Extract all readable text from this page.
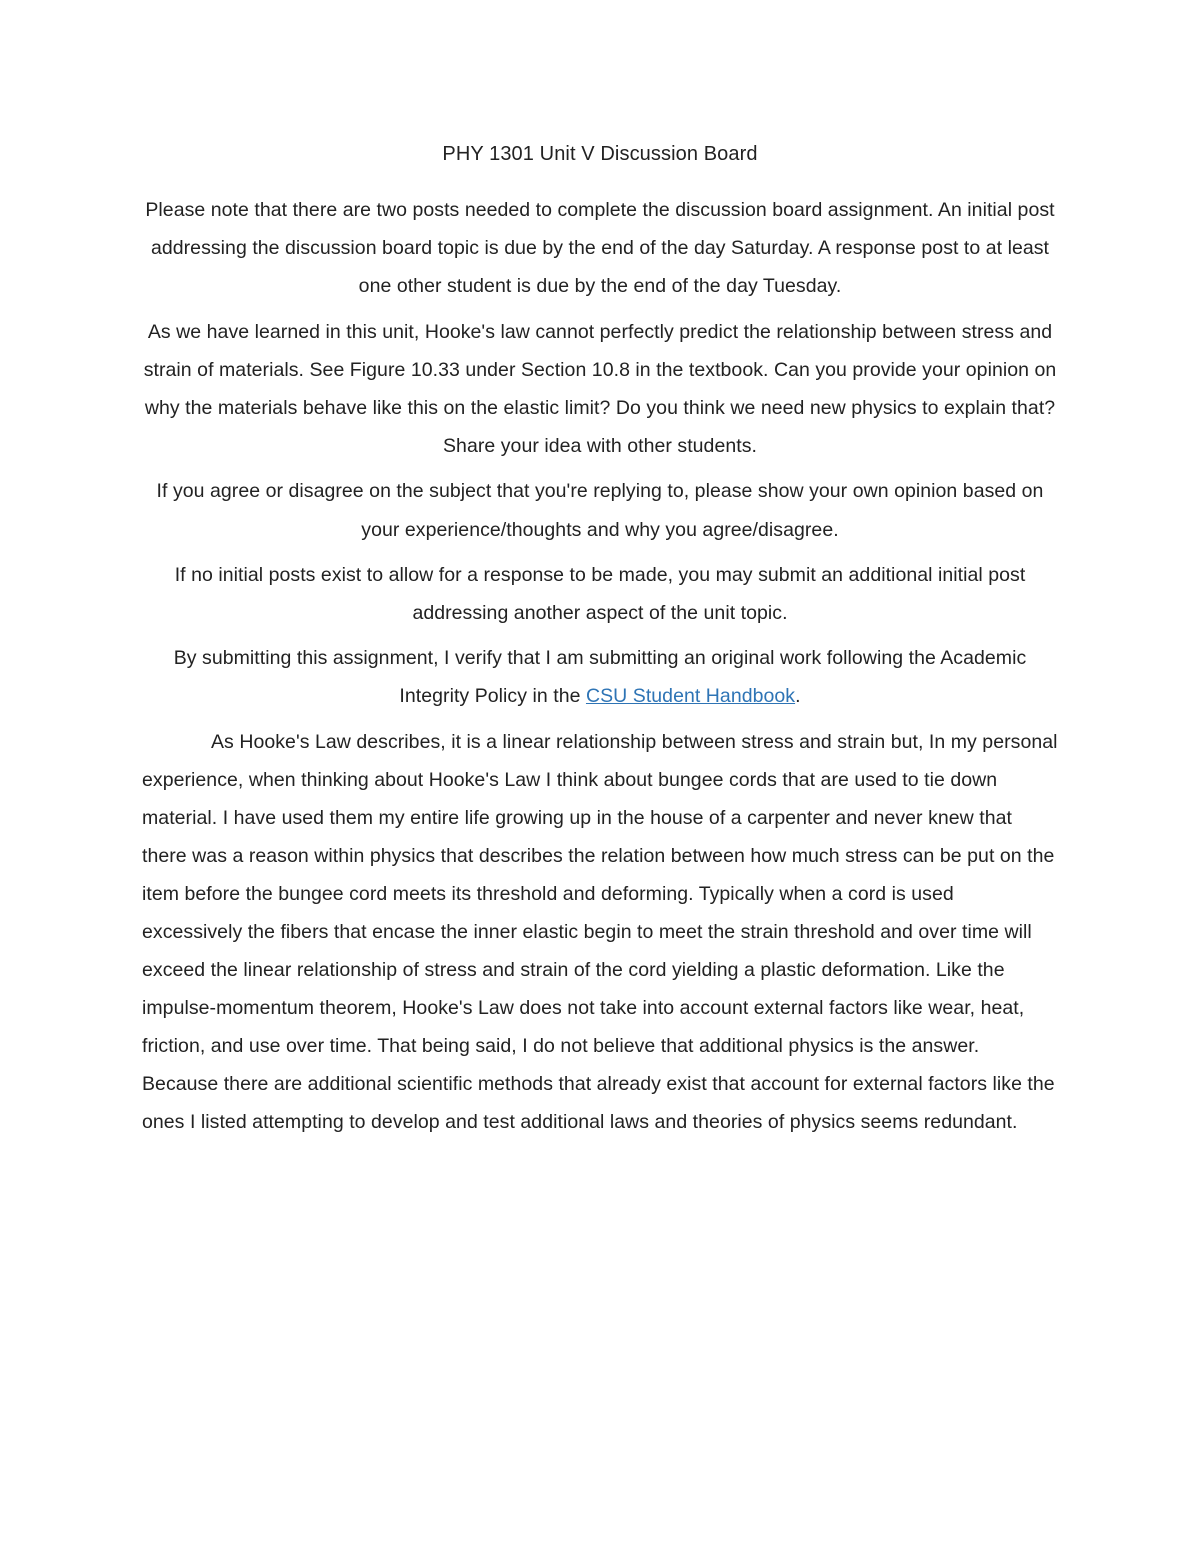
PHY 1301 Unit V Discussion Board

Please note that there are two posts needed to complete the discussion board assignment. An initial post addressing the discussion board topic is due by the end of the day Saturday. A response post to at least one other student is due by the end of the day Tuesday.

As we have learned in this unit, Hooke's law cannot perfectly predict the relationship between stress and strain of materials. See Figure 10.33 under Section 10.8 in the textbook. Can you provide your opinion on why the materials behave like this on the elastic limit? Do you think we need new physics to explain that? Share your idea with other students.

If you agree or disagree on the subject that you're replying to, please show your own opinion based on your experience/thoughts and why you agree/disagree.

If no initial posts exist to allow for a response to be made, you may submit an additional initial post addressing another aspect of the unit topic.

By submitting this assignment, I verify that I am submitting an original work following the Academic Integrity Policy in the CSU Student Handbook.

As Hooke's Law describes, it is a linear relationship between stress and strain but, In my personal experience, when thinking about Hooke's Law I think about bungee cords that are used to tie down material. I have used them my entire life growing up in the house of a carpenter and never knew that there was a reason within physics that describes the relation between how much stress can be put on the item before the bungee cord meets its threshold and deforming. Typically when a cord is used excessively the fibers that encase the inner elastic begin to meet the strain threshold and over time will exceed the linear relationship of stress and strain of the cord yielding a plastic deformation. Like the impulse-momentum theorem, Hooke's Law does not take into account external factors like wear, heat, friction, and use over time. That being said, I do not believe that additional physics is the answer. Because there are additional scientific methods that already exist that account for external factors like the ones I listed attempting to develop and test additional laws and theories of physics seems redundant.
